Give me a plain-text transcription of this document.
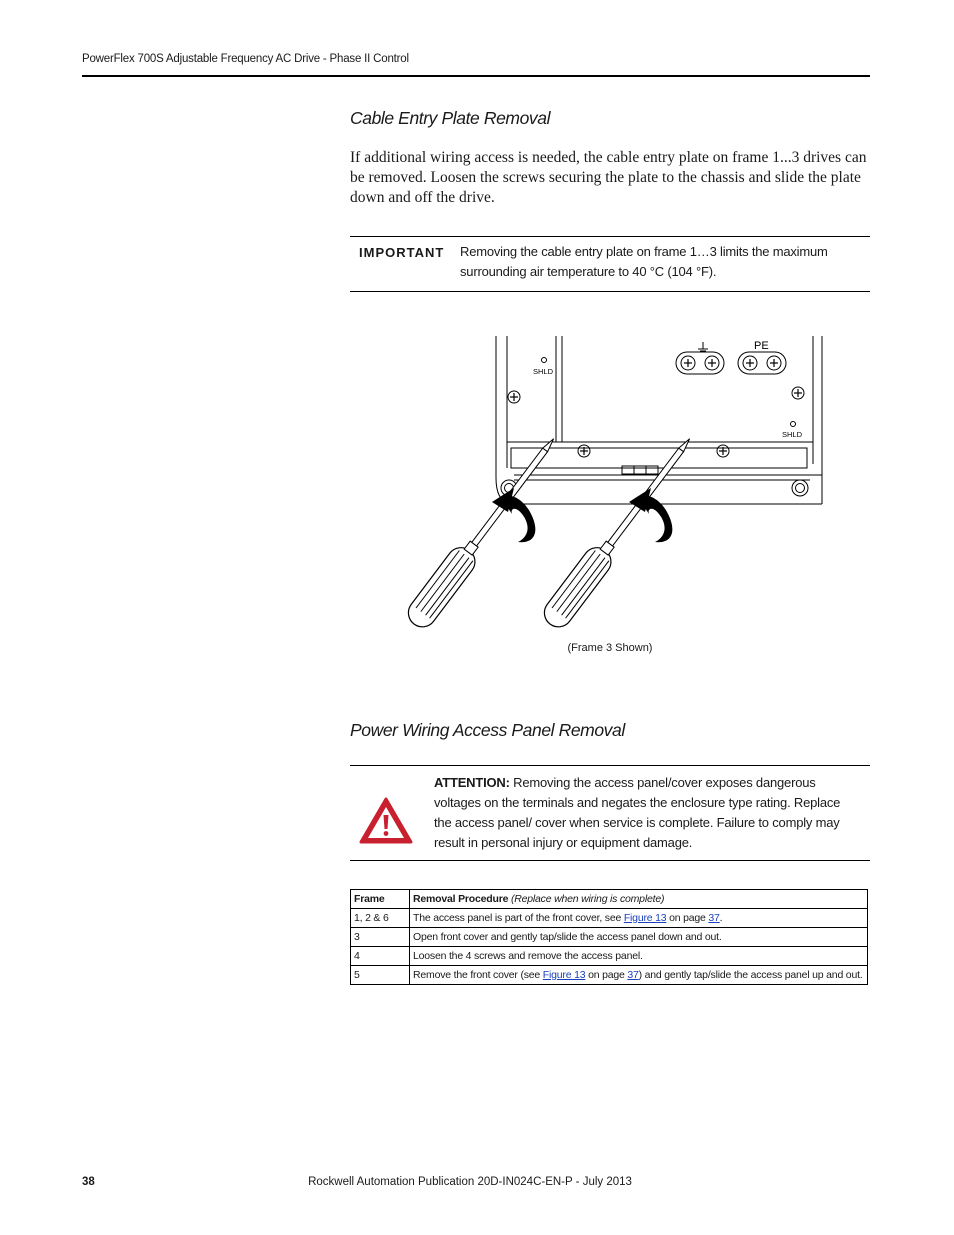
PowerFlex 700S Adjustable Frequency AC Drive - Phase II Control
Cable Entry Plate Removal
If additional wiring access is needed, the cable entry plate on frame 1...3 drives can be removed. Loosen the screws securing the plate to the chassis and slide the plate down and off the drive.
IMPORTANT Removing the cable entry plate on frame 1…3 limits the maximum surrounding air temperature to 40 °C (104 °F).
SHLD
SHLD
PE
(Frame 3 Shown)
Power Wiring Access Panel Removal
ATTENTION: Removing the access panel/cover exposes dangerous voltages on the terminals and negates the enclosure type rating. Replace the access panel/ cover when service is complete. Failure to comply may result in personal injury or equipment damage.
Frame	Removal Procedure (Replace when wiring is complete)
1, 2 & 6	The access panel is part of the front cover, see Figure 13 on page 37.
3	Open front cover and gently tap/slide the access panel down and out.
4	Loosen the 4 screws and remove the access panel.
5	Remove the front cover (see Figure 13 on page 37) and gently tap/slide the access panel up and out.
38	Rockwell Automation Publication 20D-IN024C-EN-P - July 2013
